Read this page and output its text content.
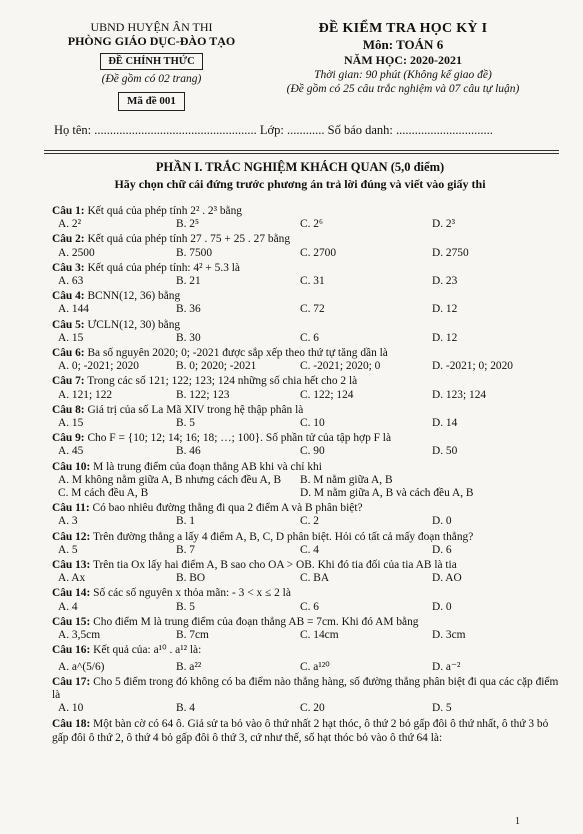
UBND HUYỆN ÂN THI
PHÒNG GIÁO DỤC-ĐÀO TẠO
ĐỀ CHÍNH THỨC
(Đề gồm có 02 trang)
Mã đề 001
ĐỀ KIỂM TRA HỌC KỲ I
Môn: TOÁN 6
NĂM HỌC: 2020-2021
Thời gian: 90 phút (Không kể giao đề)
(Đề gồm có 25 câu trắc nghiệm và 07 câu tự luận)
Họ tên: .................................................... Lớp: ............ Số báo danh: ...............................
PHẦN I. TRẮC NGHIỆM KHÁCH QUAN (5,0 điểm)
Hãy chọn chữ cái đứng trước phương án trả lời đúng và viết vào giấy thi
Câu 1: Kết quả của phép tính 2² . 2³ bằng
A. 2²	B. 2⁵	C. 2⁶	D. 2³
Câu 2: Kết quả của phép tính 27 . 75 + 25 . 27 bằng
A. 2500	B. 7500	C. 2700	D. 2750
Câu 3: Kết quả của phép tính: 4² + 5.3 là
A. 63	B. 21	C. 31	D. 23
Câu 4: BCNN(12, 36) bằng
A. 144	B. 36	C. 72	D. 12
Câu 5: ƯCLN(12, 30) bằng
A. 15	B. 30	C. 6	D. 12
Câu 6: Ba số nguyên 2020; 0; -2021 được sắp xếp theo thứ tự tăng dần là
A. 0; -2021; 2020	B. 0; 2020; -2021	C. -2021; 2020; 0	D. -2021; 0; 2020
Câu 7: Trong các số 121; 122; 123; 124 những số chia hết cho 2 là
A. 121; 122	B. 122; 123	C. 122; 124	D. 123; 124
Câu 8: Giá trị của số La Mã XIV trong hệ thập phân là
A. 15	B. 5	C. 10	D. 14
Câu 9: Cho F = {10; 12; 14; 16; 18; …; 100}. Số phần tử của tập hợp F là
A. 45	B. 46	C. 90	D. 50
Câu 10: M là trung điểm của đoạn thẳng AB khi và chỉ khi
A. M không nằm giữa A, B nhưng cách đều A, B	B. M nằm giữa A, B
C. M cách đều A, B	D. M nằm giữa A, B và cách đều A, B
Câu 11: Có bao nhiêu đường thẳng đi qua 2 điểm A và B phân biệt?
A. 3	B. 1	C. 2	D. 0
Câu 12: Trên đường thẳng a lấy 4 điểm A, B, C, D phân biệt. Hỏi có tất cả mấy đoạn thẳng?
A. 5	B. 7	C. 4	D. 6
Câu 13: Trên tia Ox lấy hai điểm A, B sao cho OA > OB. Khi đó tia đối của tia AB là tia
A. Ax	B. BO	C. BA	D. AO
Câu 14: Số các số nguyên x thỏa mãn: - 3 < x ≤ 2 là
A. 4	B. 5	C. 6	D. 0
Câu 15: Cho điểm M là trung điểm của đoạn thẳng AB = 7cm. Khi đó AM bằng
A. 3,5cm	B. 7cm	C. 14cm	D. 3cm
Câu 16: Kết quả của: a¹⁰ . a¹² là:
A. a^(5/6)	B. a²²	C. a¹²⁰	D. a⁻²
Câu 17: Cho 5 điểm trong đó không có ba điểm nào thẳng hàng, số đường thẳng phân biệt đi qua các cặp điểm là
A. 10	B. 4	C. 20	D. 5
Câu 18: Một bàn cờ có 64 ô. Giả sử ta bỏ vào ô thứ nhất 2 hạt thóc, ô thứ 2 bỏ gấp đôi ô thứ nhất, ô thứ 3 bỏ gấp đôi ô thứ 2, ô thứ 4 bỏ gấp đôi ô thứ 3, cứ như thế, số hạt thóc bỏ vào ô thứ 64 là:
1
